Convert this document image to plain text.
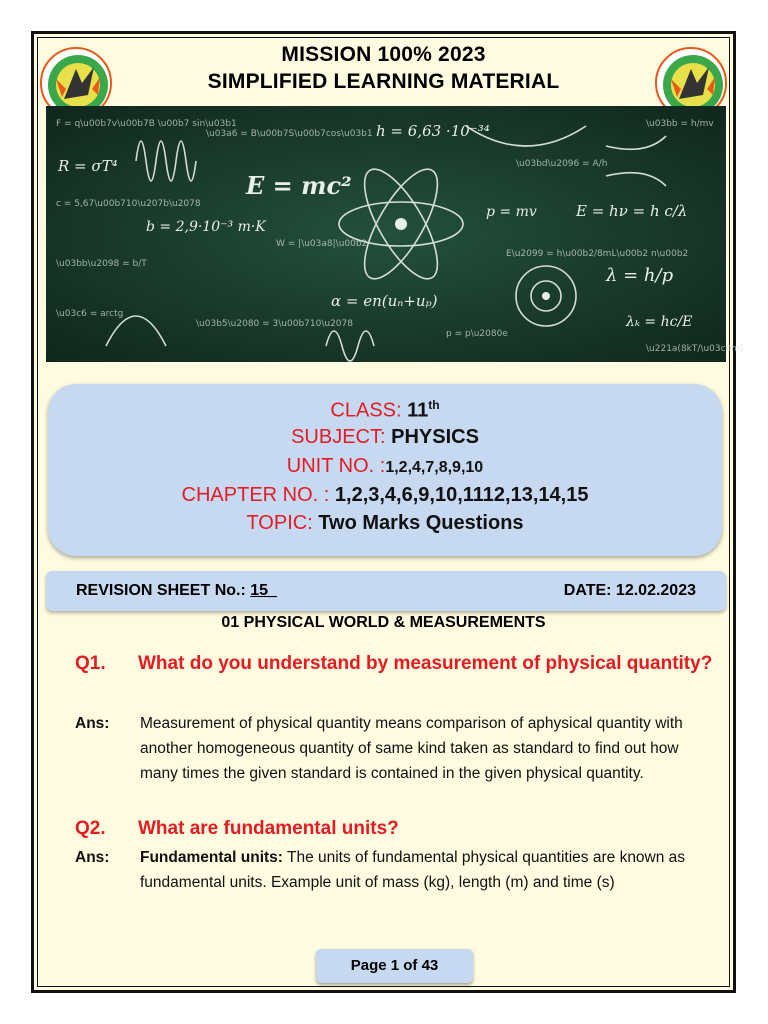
MISSION 100% 2023
SIMPLIFIED LEARNING MATERIAL
E = mc²
h = 6,63 ·10⁻³⁴
λ = h/p
E = hν = h c/λ
b = 2,9·10⁻³ m·K
R = σT⁴
p = mv
α = en(uₙ+uₚ)
λₖ = hc/E
F = q\u00b7v\u00b7B \u00b7 sin\u03b1
c = 5,67\u00b710\u207b\u2078
\u03bb\u2098 = b/T
\u03a6 = B\u00b7S\u00b7cos\u03b1
W = |\u03a8|\u00b2
\u03bd\u2096 = A/h
\u03bb = h/mv
\u03b5\u2080 = 3\u00b710\u2078
p = p\u2080e
\u221a(8kT/\u03c0m)
\u03c6 = arctg
E\u2099 = h\u00b2/8mL\u00b2 n\u00b2
CLASS: 11th
SUBJECT: PHYSICS
UNIT NO. :1,2,4,7,8,9,10
CHAPTER NO. : 1,2,3,4,6,9,10,1112,13,14,15
TOPIC: Two Marks Questions
REVISION SHEET No.: 15_	DATE: 12.02.2023
01 PHYSICAL WORLD & MEASUREMENTS
Q1. What do you understand by measurement of physical quantity?
Ans: Measurement of physical quantity means comparison of aphysical quantity with another homogeneous quantity of same kind taken as standard to find out how many times the given standard is contained in the given physical quantity.
Q2. What are fundamental units?
Ans: Fundamental units: The units of fundamental physical quantities are known as fundamental units. Example unit of mass (kg), length (m) and time (s)
Page 1 of 43
